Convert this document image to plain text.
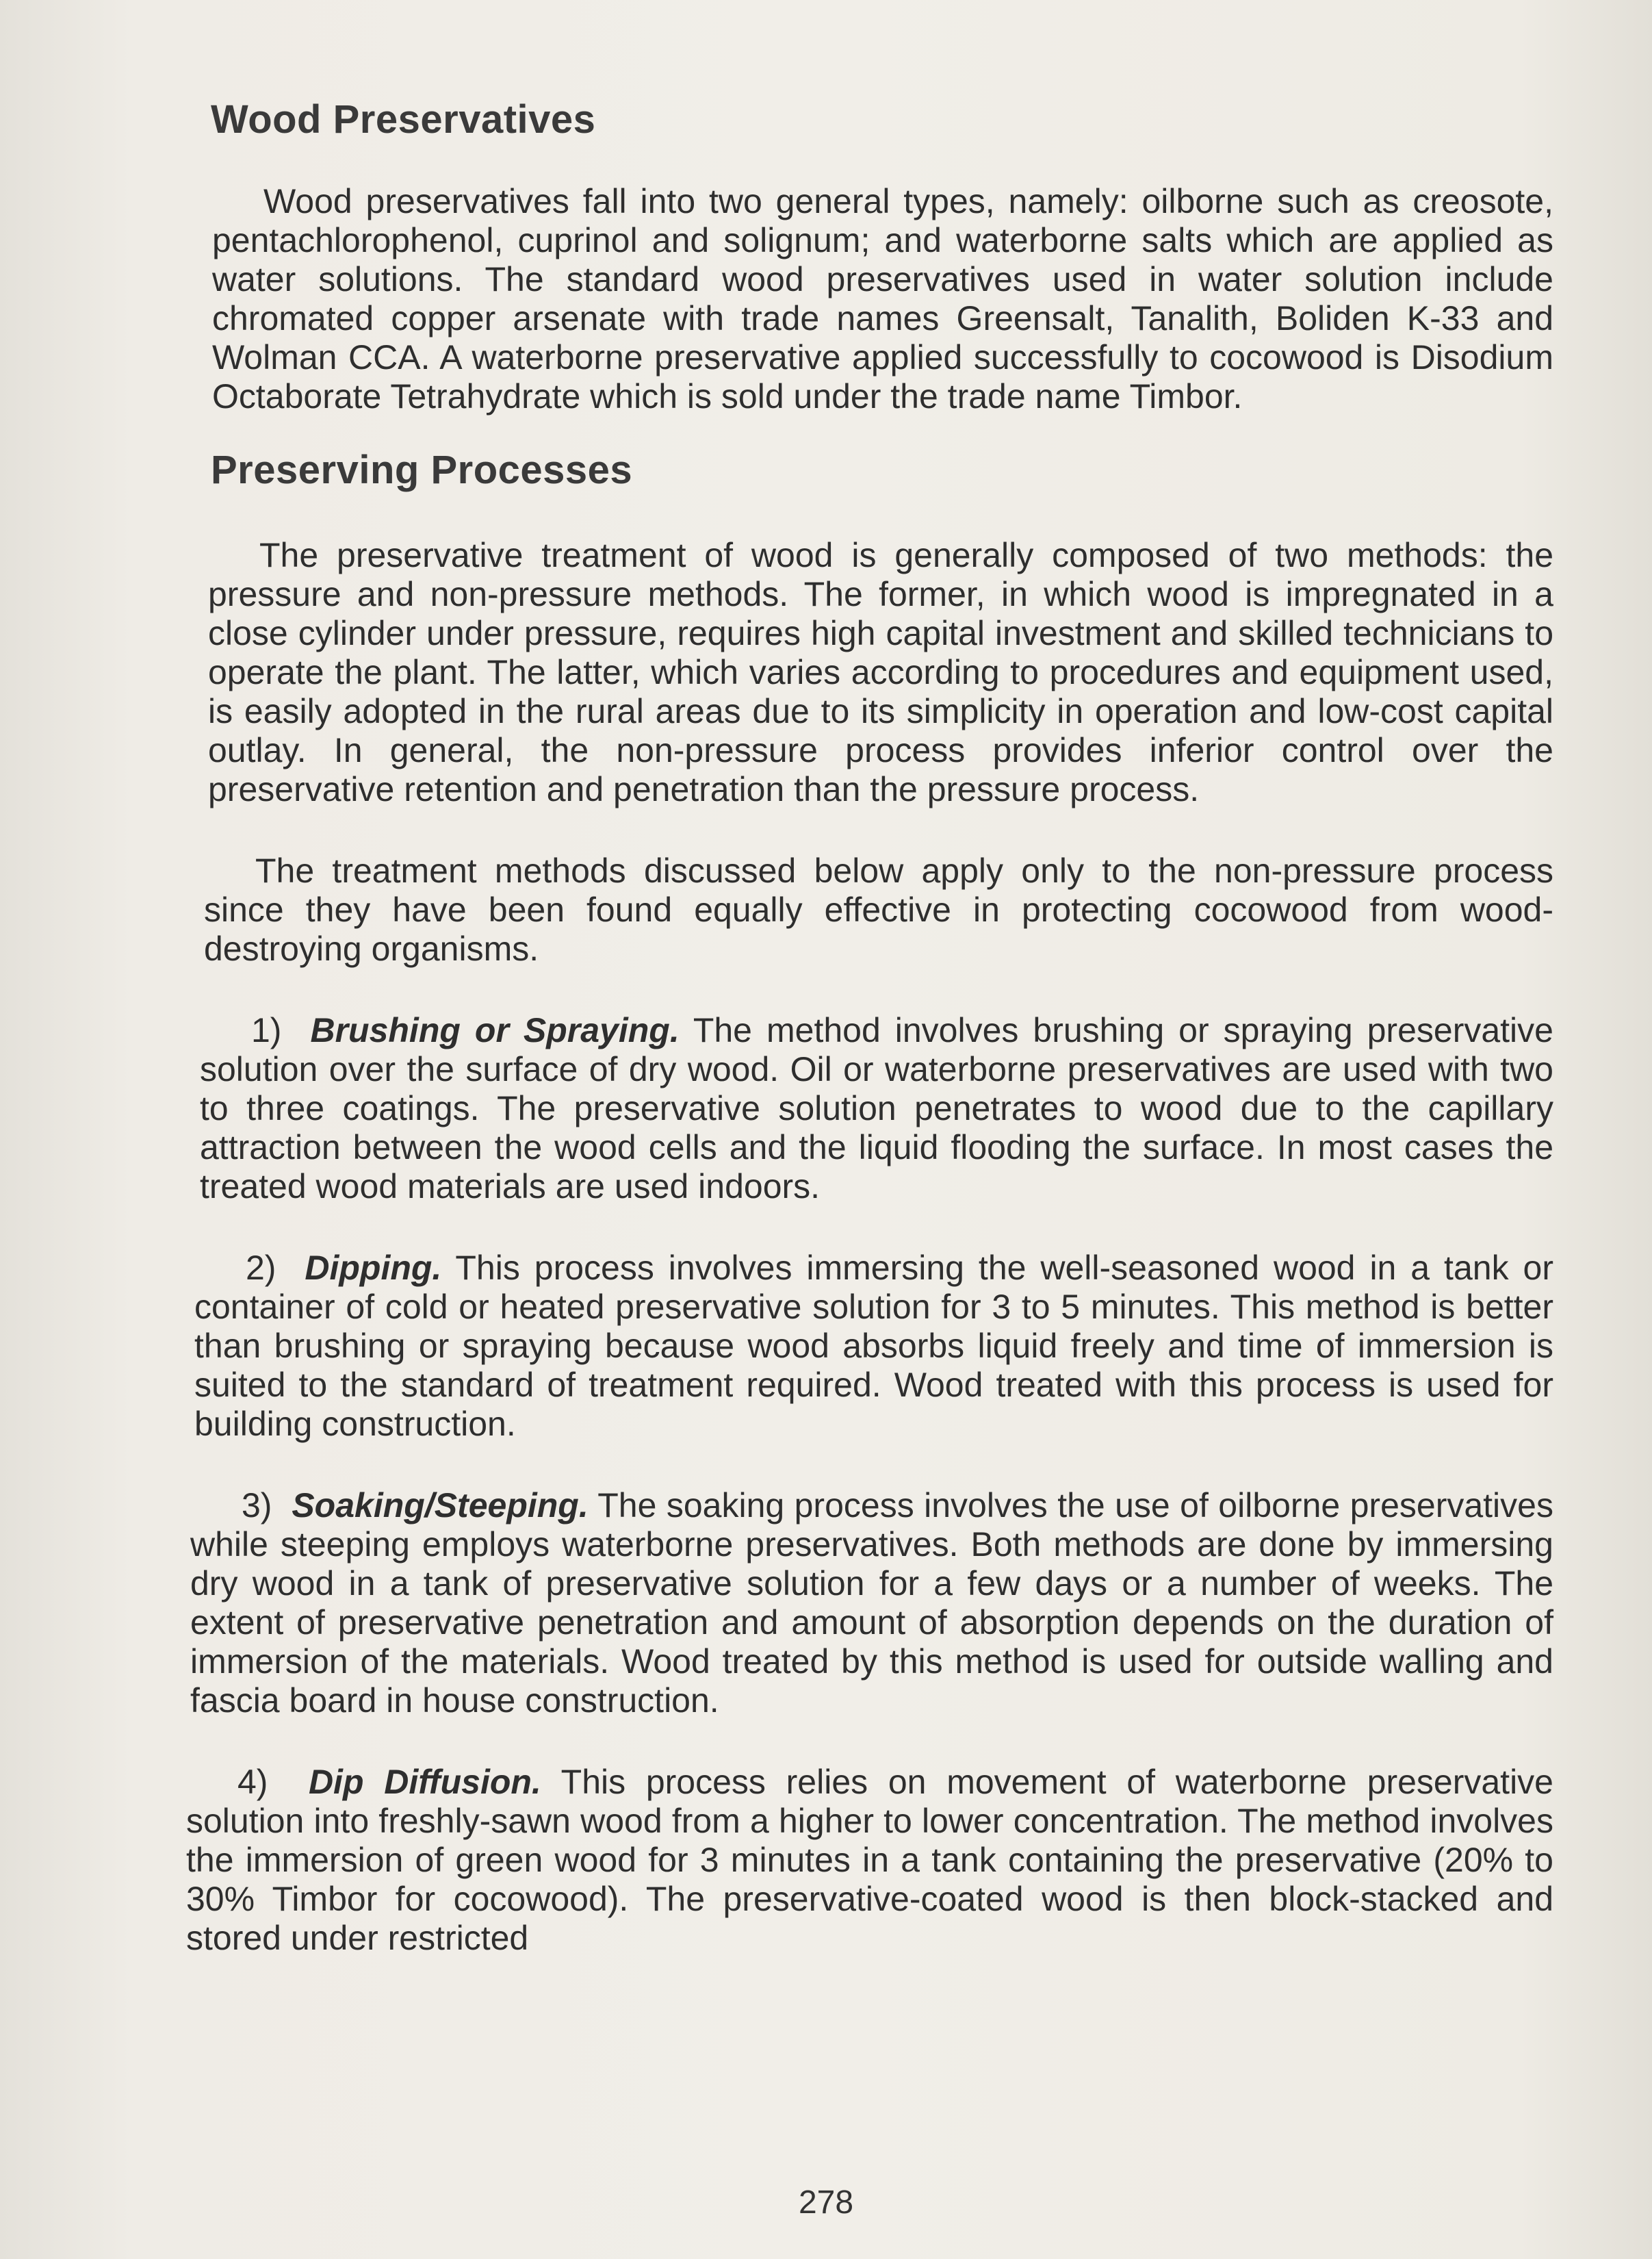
Wood Preservatives

Wood preservatives fall into two general types, namely: oilborne such as creosote, pentachlorophenol, cuprinol and solignum; and waterborne salts which are applied as water solutions. The standard wood preservatives used in water solution include chromated copper arsenate with trade names Greensalt, Tanalith, Boliden K-33 and Wolman CCA. A waterborne preservative applied successfully to cocowood is Disodium Octaborate Tetrahydrate which is sold under the trade name Timbor.

Preserving Processes

The preservative treatment of wood is generally composed of two methods: the pressure and non-pressure methods. The former, in which wood is impregnated in a close cylinder under pressure, requires high capital investment and skilled technicians to operate the plant. The latter, which varies according to procedures and equipment used, is easily adopted in the rural areas due to its simplicity in operation and low-cost capital outlay. In general, the non-pressure process provides inferior control over the preservative retention and penetration than the pressure process.

The treatment methods discussed below apply only to the non-pressure process since they have been found equally effective in protecting cocowood from wood-destroying organisms.

1) Brushing or Spraying. The method involves brushing or spraying preservative solution over the surface of dry wood. Oil or waterborne preservatives are used with two to three coatings. The preservative solution penetrates to wood due to the capillary attraction between the wood cells and the liquid flooding the surface. In most cases the treated wood materials are used indoors.

2) Dipping. This process involves immersing the well-seasoned wood in a tank or container of cold or heated preservative solution for 3 to 5 minutes. This method is better than brushing or spraying because wood absorbs liquid freely and time of immersion is suited to the standard of treatment required. Wood treated with this process is used for building construction.

3) Soaking/Steeping. The soaking process involves the use of oilborne preservatives while steeping employs waterborne preservatives. Both methods are done by immersing dry wood in a tank of preservative solution for a few days or a number of weeks. The extent of preservative penetration and amount of absorption depends on the duration of immersion of the materials. Wood treated by this method is used for outside walling and fascia board in house construction.

4) Dip Diffusion. This process relies on movement of waterborne preservative solution into freshly-sawn wood from a higher to lower concentration. The method involves the immersion of green wood for 3 minutes in a tank containing the preservative (20% to 30% Timbor for cocowood). The preservative-coated wood is then block-stacked and stored under restricted

278
